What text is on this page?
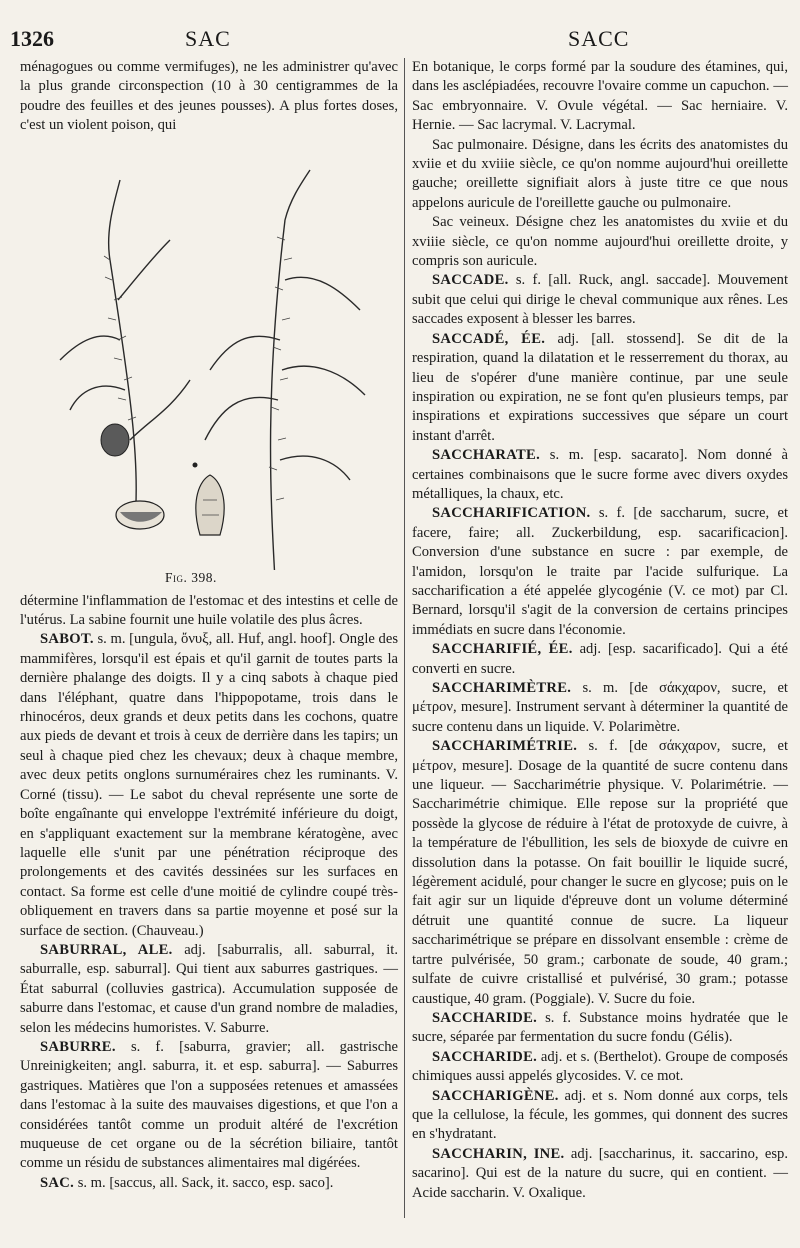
1326	SAC	SACC

ménagogues ou comme vermifuges), ne les administrer qu'avec la plus grande circonspection (10 à 30 centigrammes de la poudre des feuilles et des jeunes pousses). A plus fortes doses, c'est un violent poison, qui

Fig. 398.

détermine l'inflammation de l'estomac et des intestins et celle de l'utérus. La sabine fournit une huile volatile des plus âcres.

SABOT. s. m. [ungula, ὄνυξ, all. Huf, angl. hoof]. Ongle des mammifères, lorsqu'il est épais et qu'il garnit de toutes parts la dernière phalange des doigts. Il y a cinq sabots à chaque pied dans l'éléphant, quatre dans l'hippopotame, trois dans le rhinocéros, deux grands et deux petits dans les cochons, quatre aux pieds de devant et trois à ceux de derrière dans les tapirs; un seul à chaque pied chez les chevaux; deux à chaque membre, avec deux petits onglons surnuméraires chez les ruminants. V. Corné (tissu). — Le sabot du cheval représente une sorte de boîte engaînante qui enveloppe l'extrémité inférieure du doigt, en s'appliquant exactement sur la membrane kératogène, avec laquelle elle s'unit par une pénétration réciproque des prolongements et des cavités dessinées sur les surfaces en contact. Sa forme est celle d'une moitié de cylindre coupé très-obliquement en travers dans sa partie moyenne et posé sur la surface de section. (Chauveau.)

SABURRAL, ALE. adj. [saburralis, all. saburral, it. saburralle, esp. saburral]. Qui tient aux saburres gastriques. — État saburral (colluvies gastrica). Accumulation supposée de saburre dans l'estomac, et cause d'un grand nombre de maladies, selon les médecins humoristes. V. Saburre.

SABURRE. s. f. [saburra, gravier; all. gastrische Unreinigkeiten; angl. saburra, it. et esp. saburra]. — Saburres gastriques. Matières que l'on a supposées retenues et amassées dans l'estomac à la suite des mauvaises digestions, et que l'on a considérées tantôt comme un produit altéré de l'excrétion muqueuse de cet organe ou de la sécrétion biliaire, tantôt comme un résidu de substances alimentaires mal digérées.

SAC. s. m. [saccus, all. Sack, it. sacco, esp. saco].

En botanique, le corps formé par la soudure des étamines, qui, dans les asclépiadées, recouvre l'ovaire comme un capuchon. — Sac embryonnaire. V. Ovule végétal. — Sac herniaire. V. Hernie. — Sac lacrymal. V. Lacrymal.

Sac pulmonaire. Désigne, dans les écrits des anatomistes du xviie et du xviiie siècle, ce qu'on nomme aujourd'hui oreillette gauche; oreillette signifiait alors à juste titre ce que nous appelons auricule de l'oreillette gauche ou pulmonaire.

Sac veineux. Désigne chez les anatomistes du xviie et du xviiie siècle, ce qu'on nomme aujourd'hui oreillette droite, y compris son auricule.

SACCADE. s. f. [all. Ruck, angl. saccade]. Mouvement subit que celui qui dirige le cheval communique aux rênes. Les saccades exposent à blesser les barres.

SACCADÉ, ÉE. adj. [all. stossend]. Se dit de la respiration, quand la dilatation et le resserrement du thorax, au lieu de s'opérer d'une manière continue, par une seule inspiration ou expiration, ne se font qu'en plusieurs temps, par inspirations et expirations successives que sépare un court instant d'arrêt.

SACCHARATE. s. m. [esp. sacarato]. Nom donné à certaines combinaisons que le sucre forme avec divers oxydes métalliques, la chaux, etc.

SACCHARIFICATION. s. f. [de saccharum, sucre, et facere, faire; all. Zuckerbildung, esp. sacarificacion]. Conversion d'une substance en sucre : par exemple, de l'amidon, lorsqu'on le traite par l'acide sulfurique. La saccharification a été appelée glycogénie (V. ce mot) par Cl. Bernard, lorsqu'il s'agit de la conversion de certains principes immédiats en sucre dans l'économie.

SACCHARIFIÉ, ÉE. adj. [esp. sacarificado]. Qui a été converti en sucre.

SACCHARIMÈTRE. s. m. [de σάκχαρον, sucre, et μέτρον, mesure]. Instrument servant à déterminer la quantité de sucre contenu dans un liquide. V. Polarimètre.

SACCHARIMÉTRIE. s. f. [de σάκχαρον, sucre, et μέτρον, mesure]. Dosage de la quantité de sucre contenu dans une liqueur. — Saccharimétrie physique. V. Polarimétrie. — Saccharimétrie chimique. Elle repose sur la propriété que possède la glycose de réduire à l'état de protoxyde de cuivre, à la température de l'ébullition, les sels de bioxyde de cuivre en dissolution dans la potasse. On fait bouillir le liquide sucré, légèrement acidulé, pour changer le sucre en glycose; puis on le fait agir sur un liquide d'épreuve dont un volume déterminé détruit une quantité connue de sucre. La liqueur saccharimétrique se prépare en dissolvant ensemble : crème de tartre pulvérisée, 50 gram.; carbonate de soude, 40 gram.; sulfate de cuivre cristallisé et pulvérisé, 30 gram.; potasse caustique, 40 gram. (Poggiale). V. Sucre du foie.

SACCHARIDE. s. f. Substance moins hydratée que le sucre, séparée par fermentation du sucre fondu (Gélis).

SACCHARIDE. adj. et s. (Berthelot). Groupe de composés chimiques aussi appelés glycosides. V. ce mot.

SACCHARIGÈNE. adj. et s. Nom donné aux corps, tels que la cellulose, la fécule, les gommes, qui donnent des sucres en s'hydratant.

SACCHARIN, INE. adj. [saccharinus, it. saccarino, esp. sacarino]. Qui est de la nature du sucre, qui en contient. — Acide saccharin. V. Oxalique.
